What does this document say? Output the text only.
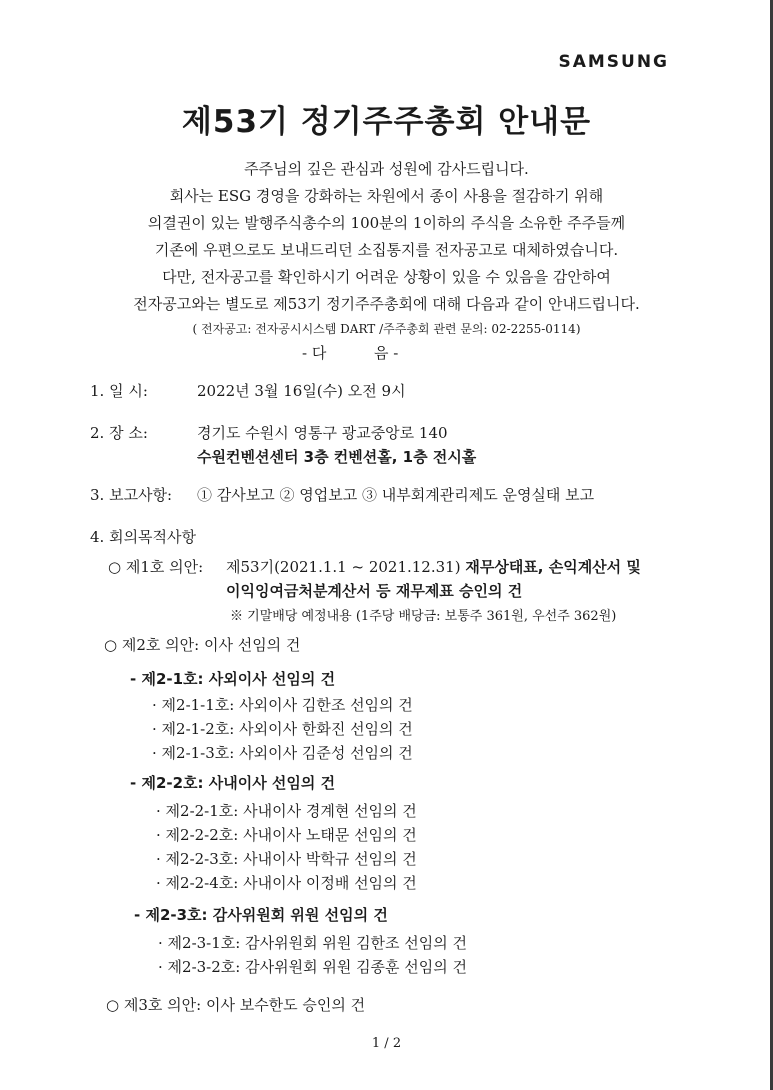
SAMSUNG
제53기 정기주주총회 안내문
주주님의 깊은 관심과 성원에 감사드립니다.
회사는 ESG 경영을 강화하는 차원에서 종이 사용을 절감하기 위해
의결권이 있는 발행주식총수의 100분의 1이하의 주식을 소유한 주주들께
기존에 우편으로도 보내드리던 소집통지를 전자공고로 대체하였습니다.
다만, 전자공고를 확인하시기 어려운 상황이 있을 수 있음을 감안하여
전자공고와는 별도로 제53기 정기주주총회에 대해 다음과 같이 안내드립니다.
( 전자공고: 전자공시시스템 DART /주주총회 관련 문의: 02-2255-0114)
- 다          음 -
1. 일 시:	2022년 3월 16일(수) 오전 9시
2. 장 소:	경기도 수원시 영통구 광교중앙로 140
수원컨벤션센터 3층 컨벤션홀, 1층 전시홀
3. 보고사항: ① 감사보고 ② 영업보고 ③ 내부회계관리제도 운영실태 보고
4. 회의목적사항
○ 제1호 의안: 제53기(2021.1.1 ~ 2021.12.31) 재무상태표, 손익계산서 및
이익잉여금처분계산서 등 재무제표 승인의 건
※ 기말배당 예정내용 (1주당 배당금: 보통주 361원, 우선주 362원)
○ 제2호 의안: 이사 선임의 건
- 제2-1호: 사외이사 선임의 건
· 제2-1-1호: 사외이사 김한조 선임의 건
· 제2-1-2호: 사외이사 한화진 선임의 건
· 제2-1-3호: 사외이사 김준성 선임의 건
- 제2-2호: 사내이사 선임의 건
· 제2-2-1호: 사내이사 경계현 선임의 건
· 제2-2-2호: 사내이사 노태문 선임의 건
· 제2-2-3호: 사내이사 박학규 선임의 건
· 제2-2-4호: 사내이사 이정배 선임의 건
- 제2-3호: 감사위원회 위원 선임의 건
· 제2-3-1호: 감사위원회 위원 김한조 선임의 건
· 제2-3-2호: 감사위원회 위원 김종훈 선임의 건
○ 제3호 의안: 이사 보수한도 승인의 건
1 / 2
